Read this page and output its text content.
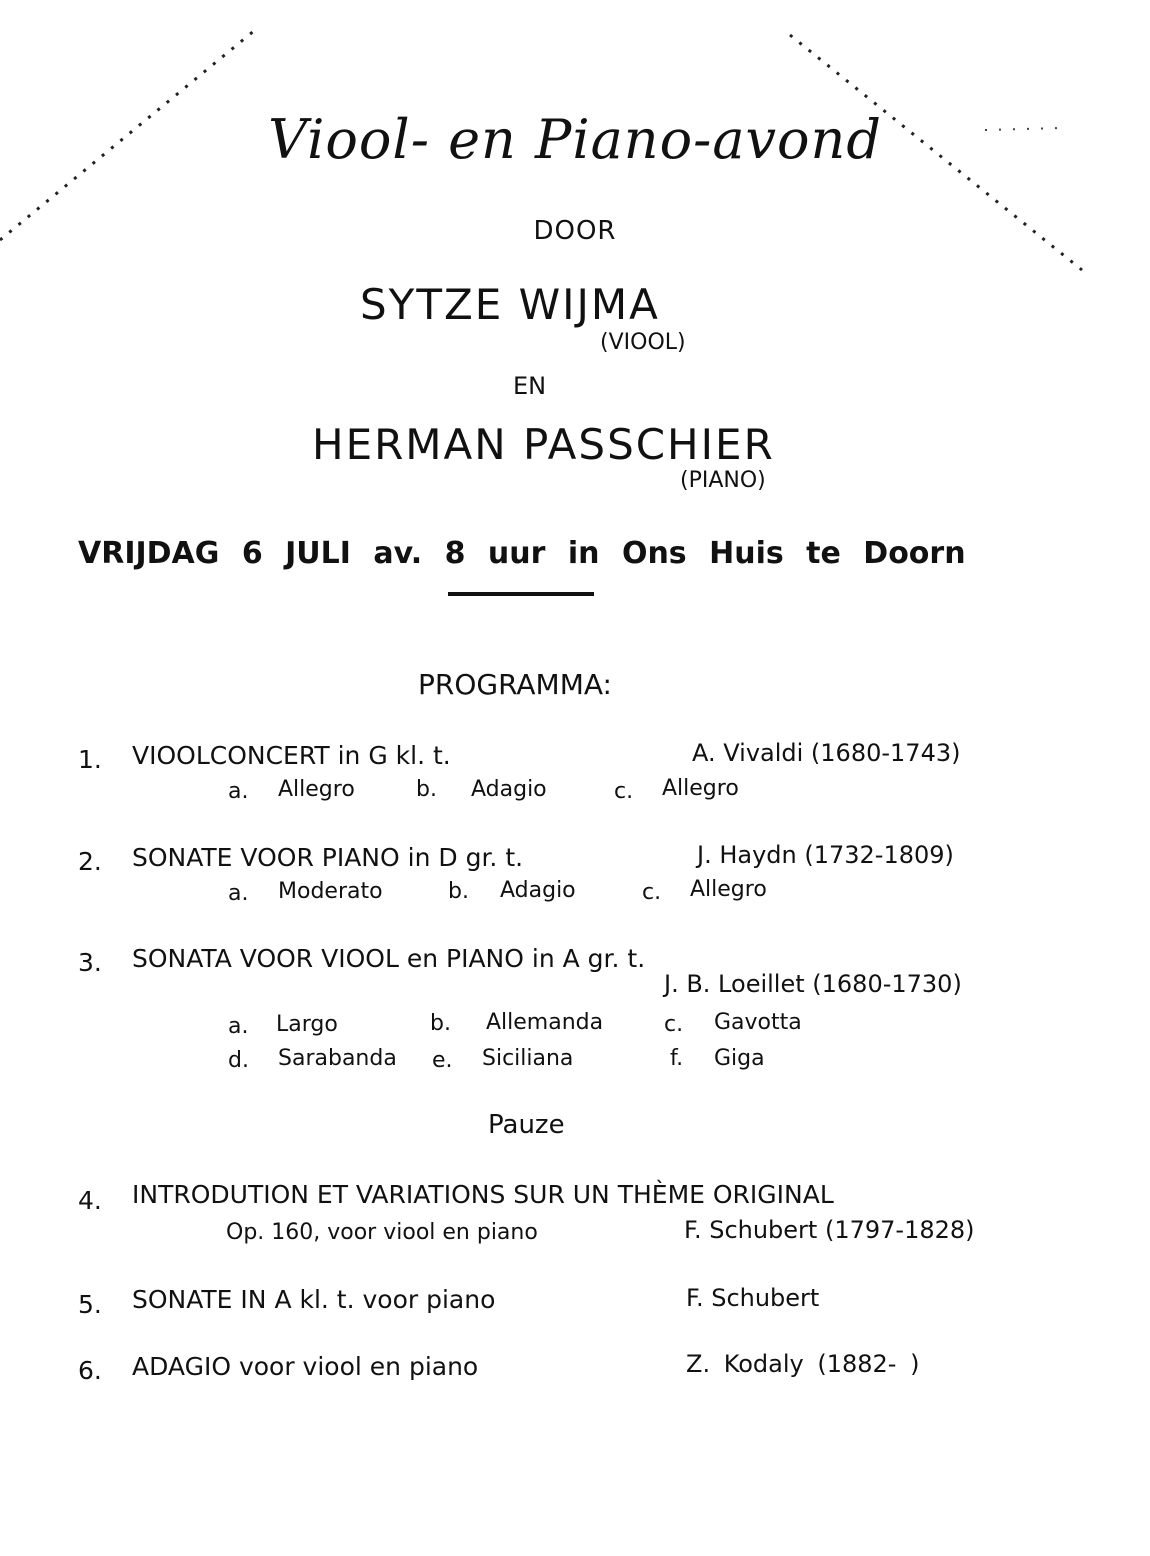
Viool- en Piano-avond
DOOR
SYTZE WIJMA
(VIOOL)
EN
HERMAN PASSCHIER
(PIANO)
VRIJDAG 6 JULI av. 8 uur in Ons Huis te Doorn
PROGRAMMA:
1. VIOOLCONCERT in G kl. t.	A. Vivaldi (1680-1743)
a. Allegro	b. Adagio	c. Allegro
2. SONATE VOOR PIANO in D gr. t.	J. Haydn (1732-1809)
a. Moderato	b. Adagio	c. Allegro
3. SONATA VOOR VIOOL en PIANO in A gr. t.
J. B. Loeillet (1680-1730)
a. Largo	b. Allemanda	c. Gavotta
d. Sarabanda e. Siciliana	f. Giga
Pauze
4. INTRODUTION ET VARIATIONS SUR UN THÈME ORIGINAL
Op. 160, voor viool en piano	F. Schubert (1797-1828)
5. SONATE IN A kl. t. voor piano	F. Schubert
6. ADAGIO voor viool en piano	Z. Kodaly (1882- )
